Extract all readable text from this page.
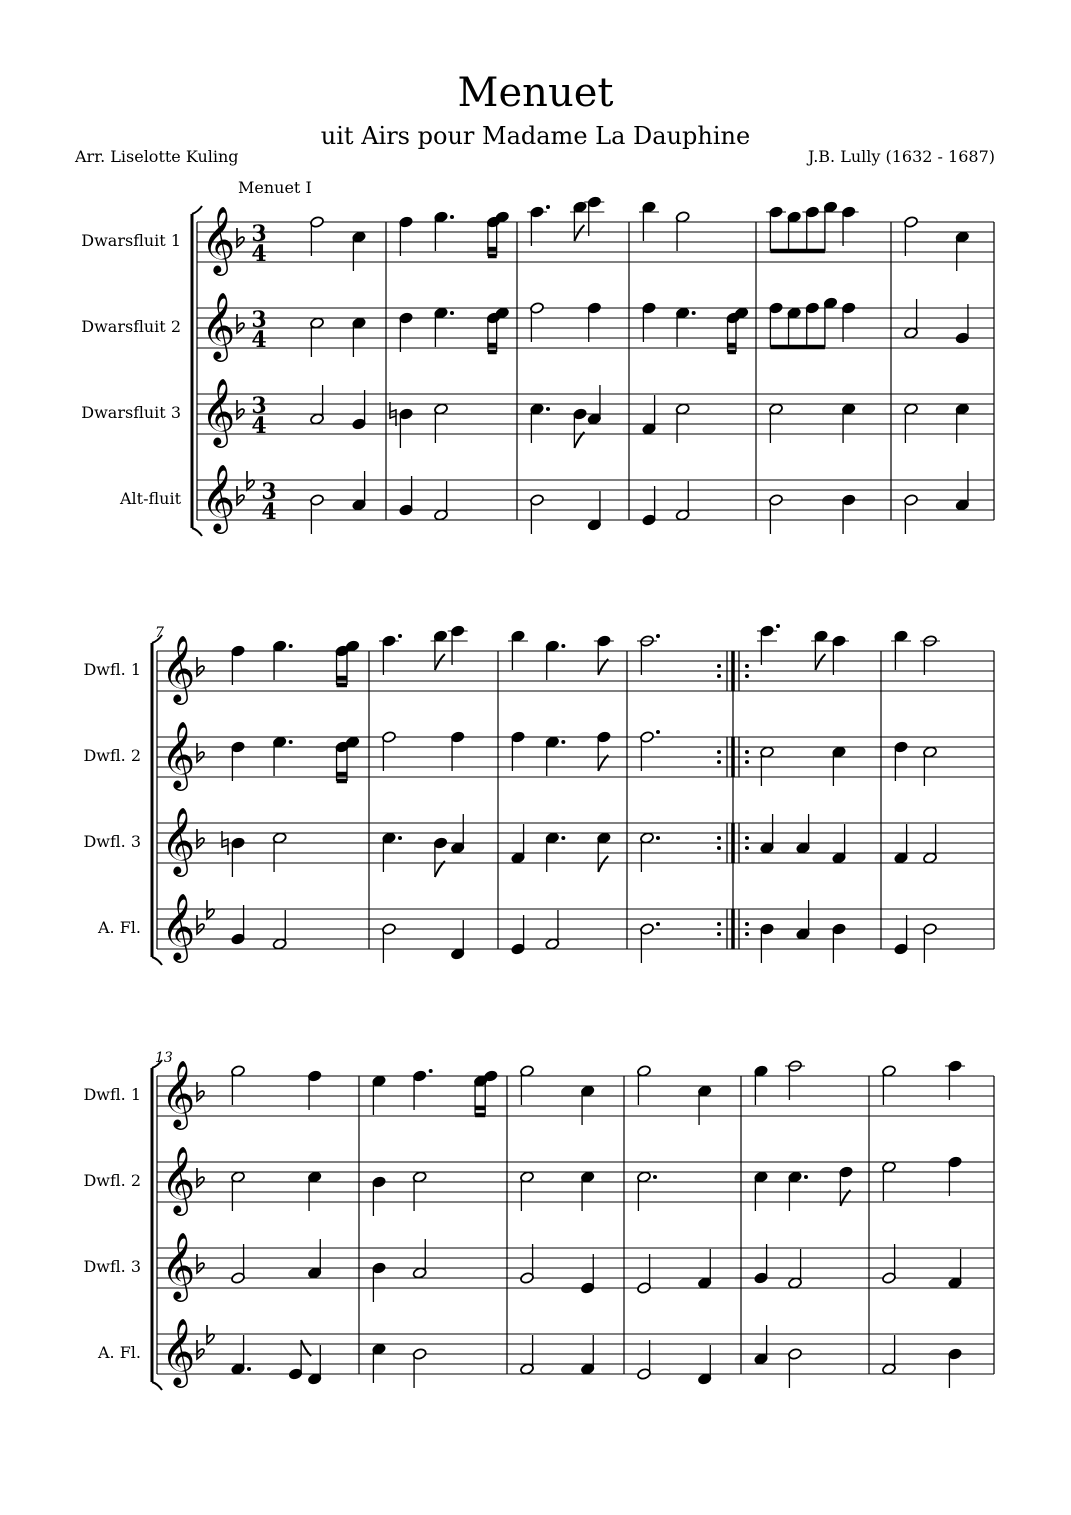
Menuet
uit Airs pour Madame La Dauphine
Arr. Liselotte Kuling	J.B. Lully (1632 - 1687)
Menuet I
Dwarsfluit 1 𝄞 3
4
Dwarsfluit 2 𝄞 3
4
Dwarsfluit 3 𝄞 3
4
Alt-fluit 𝄞 3
4
7
Dwfl. 1 𝄞
Dwfl. 2 𝄞
Dwfl. 3 𝄞
A. Fl. 𝄞
13
Dwfl. 1 𝄞
Dwfl. 2 𝄞
Dwfl. 3 𝄞
A. Fl. 𝄞
